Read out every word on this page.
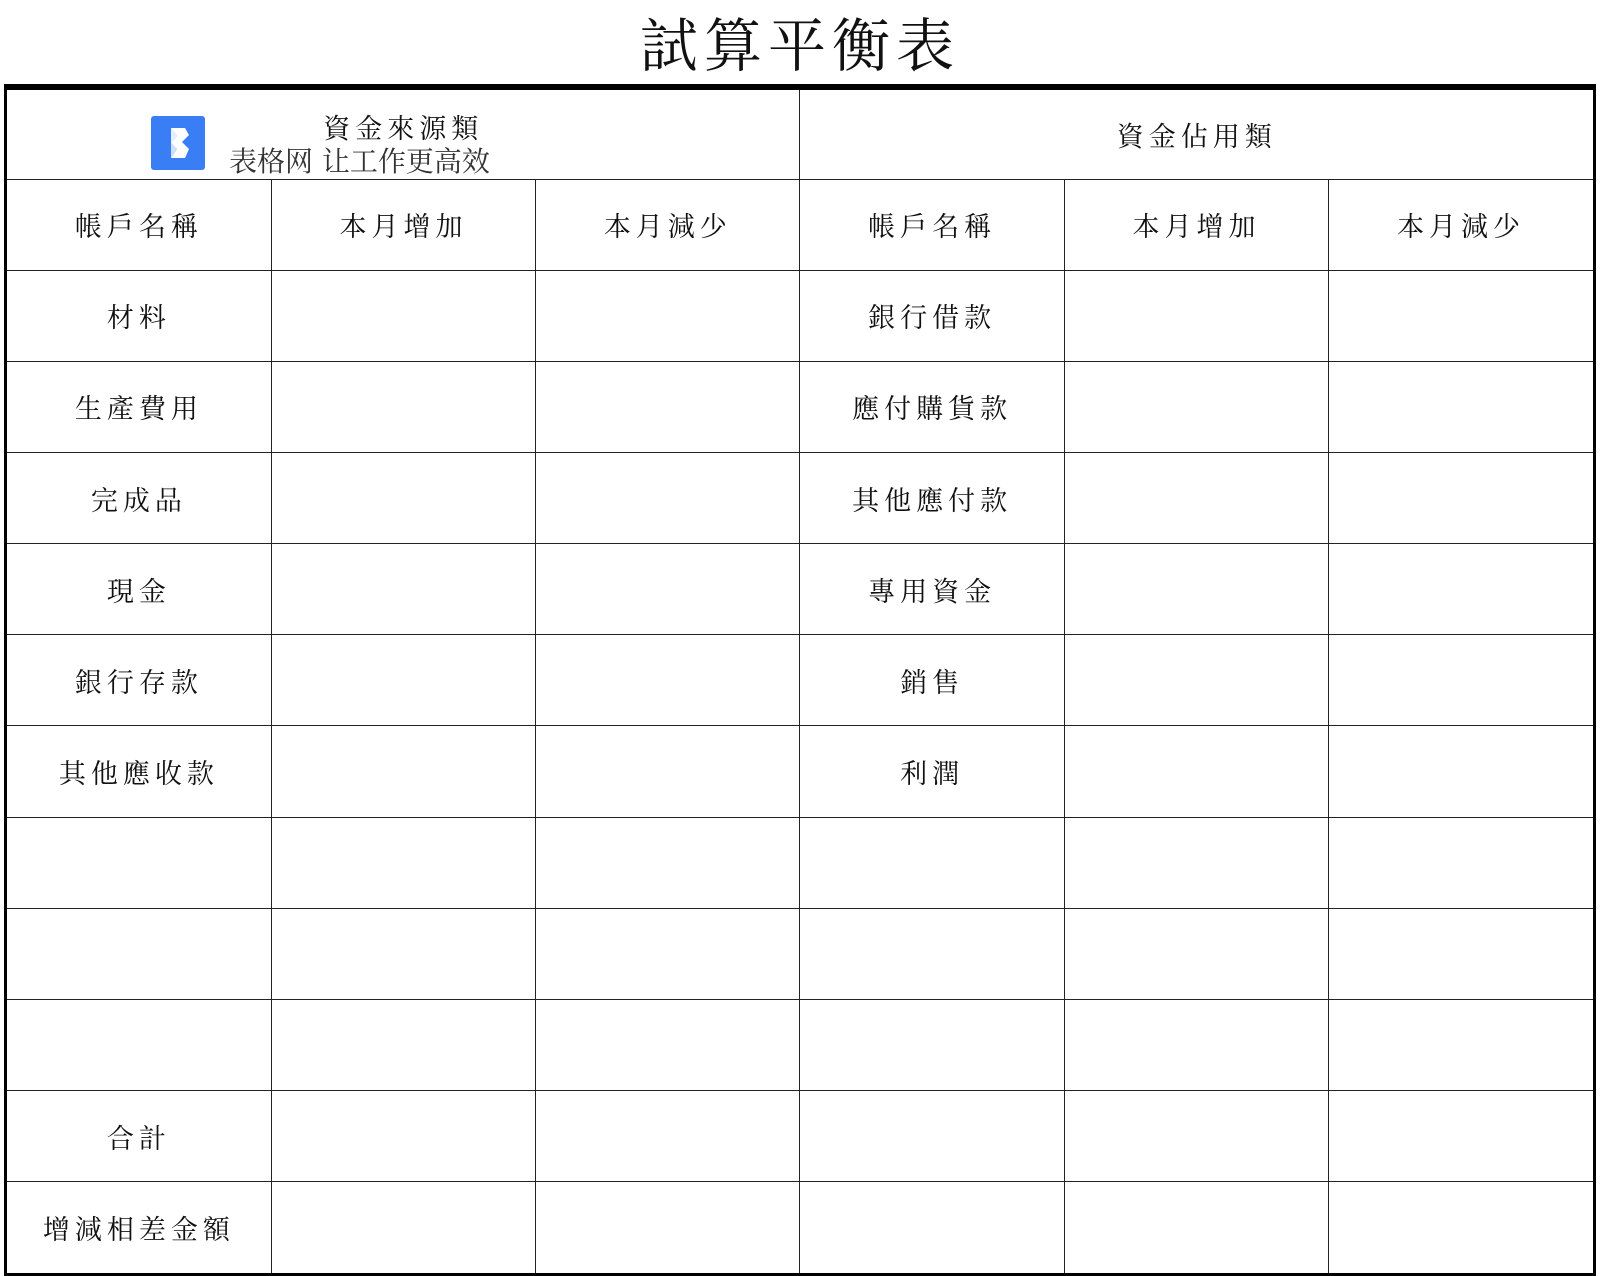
試算平衡表
資金來源類
表格网 让工作更高效			資金佔用類		
帳戶名稱	本月增加	本月減少	帳戶名稱	本月增加	本月減少
材料			銀行借款		
生產費用			應付購貨款		
完成品			其他應付款		
現金			專用資金		
銀行存款			銷售		
其他應收款			利潤		

合計					
增減相差金額					
